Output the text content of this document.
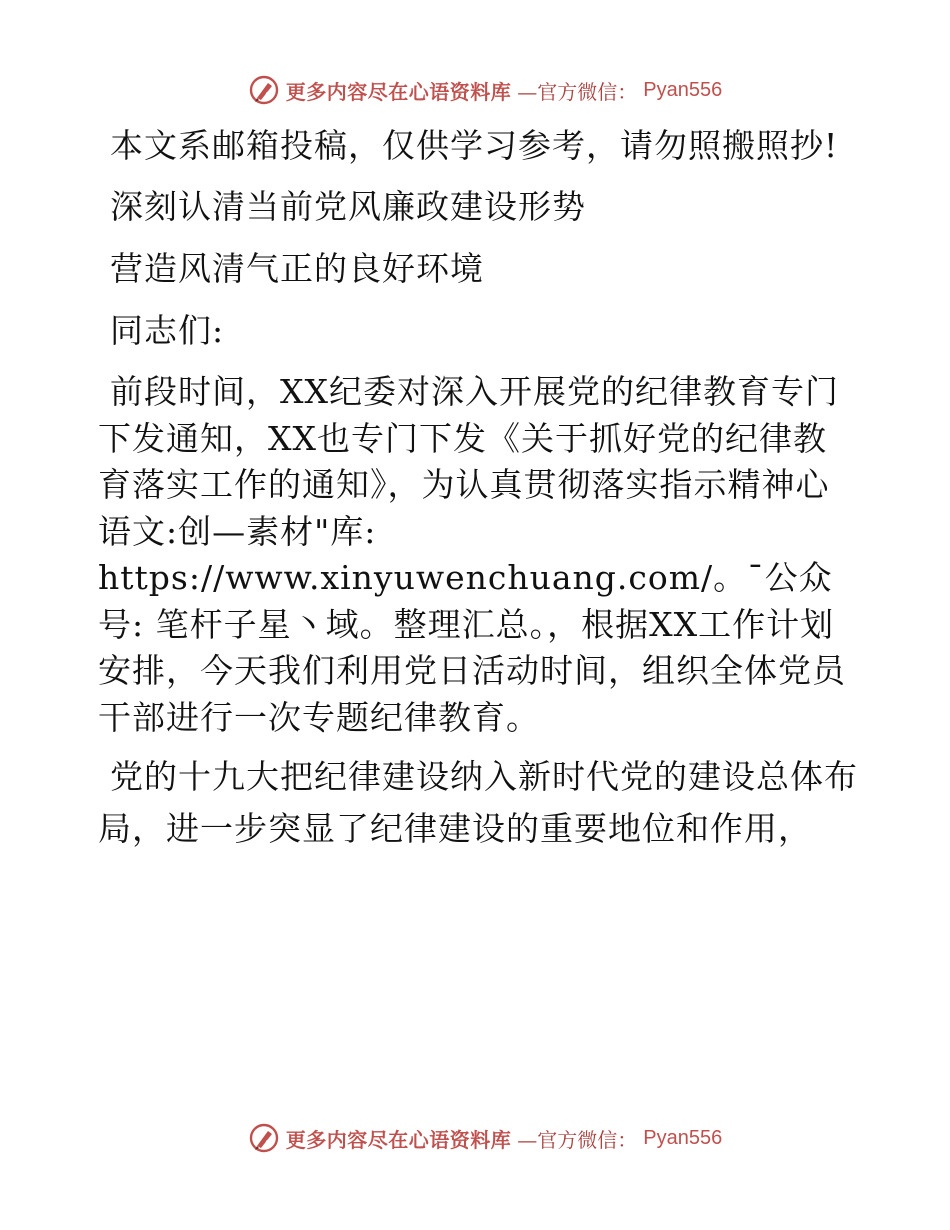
更多内容尽在心语资料库 —官方微信： Pyan556

本文系邮箱投稿，仅供学习参考，请勿照搬照抄!

深刻认清当前党风廉政建设形势

营造风清气正的良好环境

同志们:

前段时间，XX纪委对深入开展党的纪律教育专门下发通知，XX也专门下发《关于抓好党的纪律教育落实工作的通知》，为认真贯彻落实指示精神心语文:创—素材"库: https://www.xinyuwenchuang.com/。¯公众号: 笔杆子星丶域。整理汇总。，根据XX工作计划安排，今天我们利用党日活动时间，组织全体党员干部进行一次专题纪律教育。

党的十九大把纪律建设纳入新时代党的建设总体布局，进一步突显了纪律建设的重要地位和作用，

更多内容尽在心语资料库 —官方微信： Pyan556
